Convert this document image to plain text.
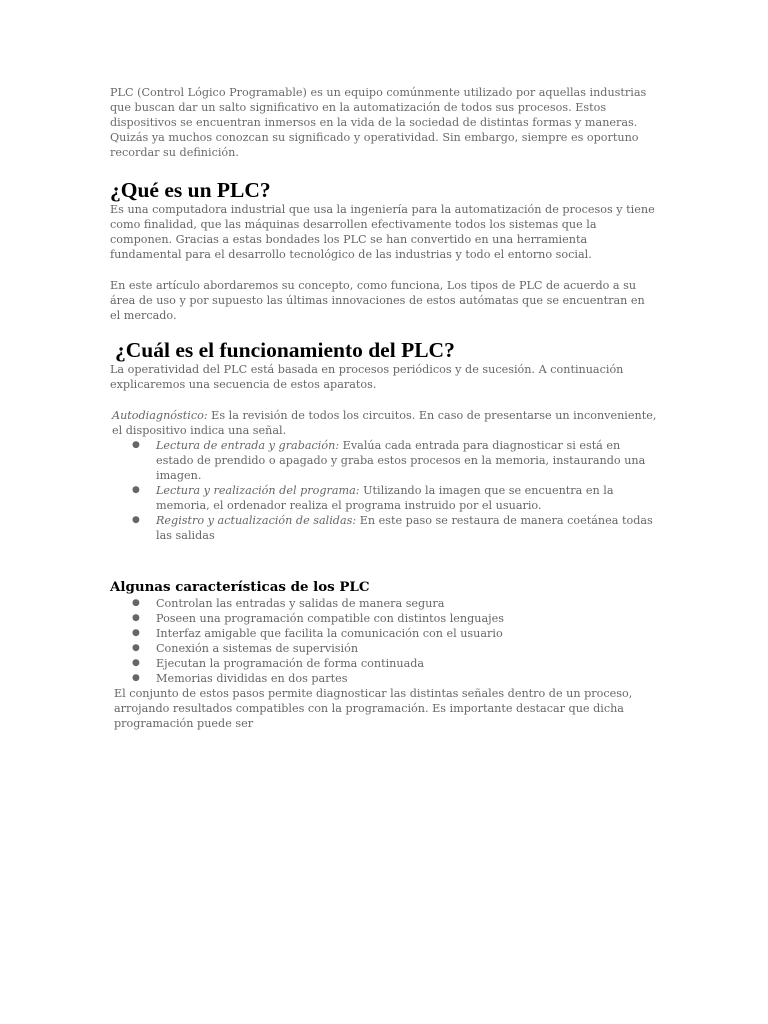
PLC (Control Lógico Programable) es un equipo comúnmente utilizado por aquellas industrias que buscan dar un salto significativo en la automatización de todos sus procesos. Estos dispositivos se encuentran inmersos en la vida de la sociedad de distintas formas y maneras. Quizás ya muchos conozcan su significado y operatividad. Sin embargo, siempre es oportuno recordar su definición.

¿Qué es un PLC?

Es una computadora industrial que usa la ingeniería para la automatización de procesos y tiene como finalidad, que las máquinas desarrollen efectivamente todos los sistemas que la componen. Gracias a estas bondades los PLC se han convertido en una herramienta fundamental para el desarrollo tecnológico de las industrias y todo el entorno social.

En este artículo abordaremos su concepto, como funciona, Los tipos de PLC de acuerdo a su área de uso y por supuesto las últimas innovaciones de estos autómatas que se encuentran en el mercado.

¿Cuál es el funcionamiento del PLC?

La operatividad del PLC está basada en procesos periódicos y de sucesión. A continuación explicaremos una secuencia de estos aparatos.

Autodiagnóstico: Es la revisión de todos los circuitos. En caso de presentarse un inconveniente, el dispositivo indica una señal.

● Lectura de entrada y grabación: Evalúa cada entrada para diagnosticar si está en estado de prendido o apagado y graba estos procesos en la memoria, instaurando una imagen.
● Lectura y realización del programa: Utilizando la imagen que se encuentra en la memoria, el ordenador realiza el programa instruido por el usuario.
● Registro y actualización de salidas: En este paso se restaura de manera coetánea todas las salidas
Algunas características de los PLC
● Controlan las entradas y salidas de manera segura
● Poseen una programación compatible con distintos lenguajes
● Interfaz amigable que facilita la comunicación con el usuario
● Conexión a sistemas de supervisión
● Ejecutan la programación de forma continuada
● Memorias divididas en dos partes

El conjunto de estos pasos permite diagnosticar las distintas señales dentro de un proceso, arrojando resultados compatibles con la programación. Es importante destacar que dicha programación puede ser
